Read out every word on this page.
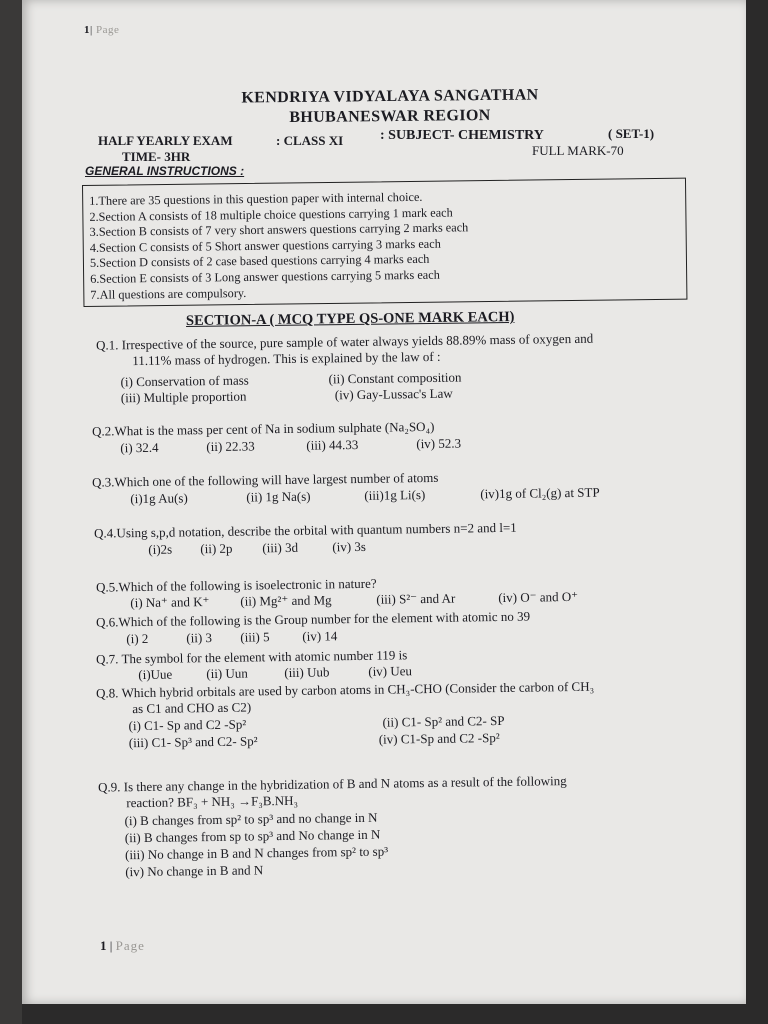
1| Page
KENDRIYA VIDYALAYA SANGATHAN
BHUBANESWAR REGION
HALF YEARLY EXAM	: CLASS XI	: SUBJECT- CHEMISTRY	( SET-1)
TIME- 3HR	FULL MARK-70
GENERAL INSTRUCTIONS :
1.There are 35 questions in this question paper with internal choice.
2.Section A consists of 18 multiple choice questions carrying 1 mark each
3.Section B consists of 7 very short answers questions carrying 2 marks each
4.Section C consists of 5 Short answer questions carrying 3 marks each
5.Section D consists of 2 case based questions carrying 4 marks each
6.Section E consists of 3 Long answer questions carrying 5 marks each
7.All questions are compulsory.
SECTION-A ( MCQ TYPE QS-ONE MARK EACH)
Q.1. Irrespective of the source, pure sample of water always yields 88.89% mass of oxygen and
11.11% mass of hydrogen. This is explained by the law of :
(i) Conservation of mass	(ii) Constant composition
(iii) Multiple proportion	(iv) Gay-Lussac's Law
Q.2.What is the mass per cent of Na in sodium sulphate (Na₂SO₄)
(i) 32.4	(ii) 22.33	(iii) 44.33	(iv) 52.3
Q.3.Which one of the following will have largest number of atoms
(i)1g Au(s)	(ii) 1g Na(s)	(iii)1g Li(s)	(iv)1g of Cl₂(g) at STP
Q.4.Using s,p,d notation, describe the orbital with quantum numbers n=2 and l=1
(i)2s (ii) 2p (iii) 3d	(iv) 3s
Q.5.Which of the following is isoelectronic in nature?
(i) Na⁺ and K⁺ (ii) Mg²⁺ and Mg	(iii) S²⁻ and Ar	(iv) O⁻ and O⁺
Q.6.Which of the following is the Group number for the element with atomic no 39
(i) 2	(ii) 3 (iii) 5	(iv) 14
Q.7. The symbol for the element with atomic number 119 is
(i)Uue	(ii) Uun	(iii) Uub	(iv) Ueu
Q.8. Which hybrid orbitals are used by carbon atoms in CH₃-CHO (Consider the carbon of CH₃
as C1 and CHO as C2)
(i) C1- Sp and C2 -Sp²	(ii) C1- Sp² and C2- SP
(iii) C1- Sp³ and C2- Sp²	(iv) C1-Sp and C2 -Sp²
Q.9. Is there any change in the hybridization of B and N atoms as a result of the following
reaction? BF₃ + NH₃ →F₃B.NH₃
(i) B changes from sp² to sp³ and no change in N
(ii) B changes from sp to sp³ and No change in N
(iii) No change in B and N changes from sp² to sp³
(iv) No change in B and N
1 | Page
